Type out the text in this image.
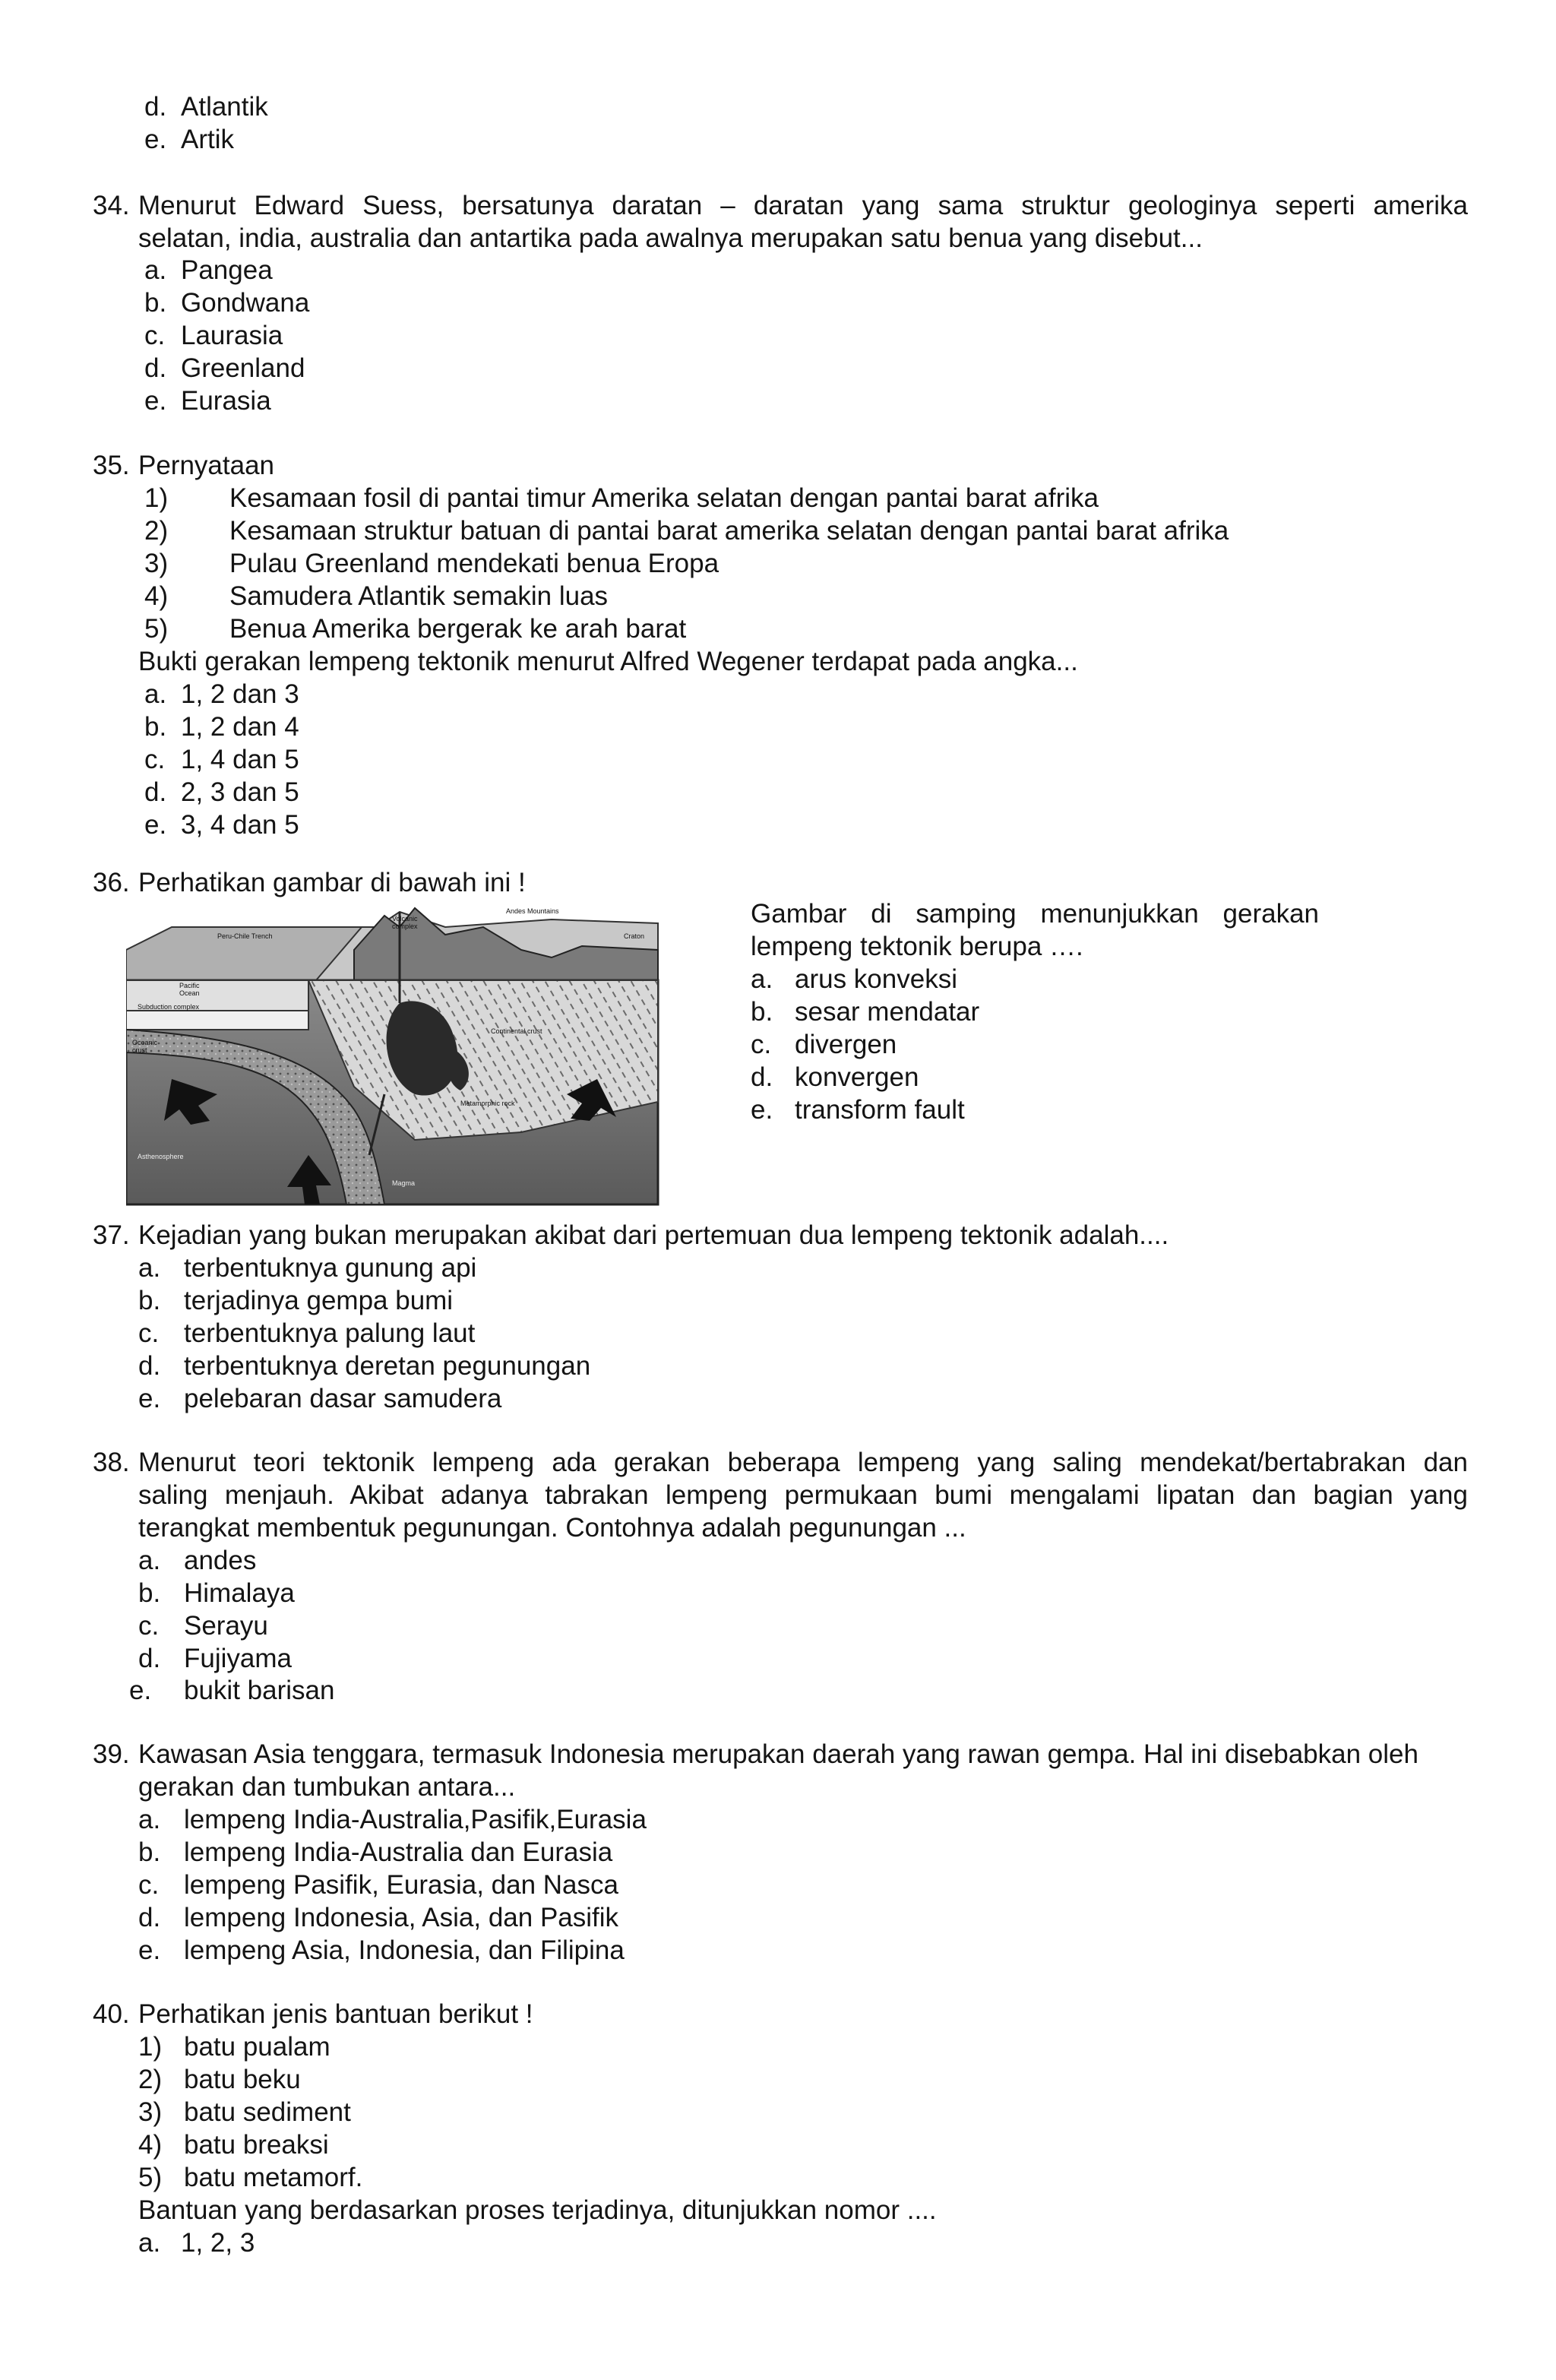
d. Atlantik
e. Artik
34. Menurut Edward Suess, bersatunya daratan – daratan yang sama struktur geologinya seperti amerika
selatan, india, australia dan antartika pada awalnya merupakan satu benua yang disebut...
a. Pangea
b. Gondwana
c. Laurasia
d. Greenland
e. Eurasia
35. Pernyataan
1) Kesamaan fosil di pantai timur Amerika selatan dengan pantai barat afrika
2) Kesamaan struktur batuan di pantai barat amerika selatan dengan pantai barat afrika
3) Pulau Greenland mendekati benua Eropa
4) Samudera Atlantik semakin luas
5) Benua Amerika bergerak ke arah barat
Bukti gerakan lempeng tektonik menurut Alfred Wegener terdapat pada angka...
a. 1, 2 dan 3
b. 1, 2 dan 4
c. 1, 4 dan 5
d. 2, 3 dan 5
e. 3, 4 dan 5
36. Perhatikan gambar di bawah ini !
Peru-Chile Trench
Volcanic
complex
Andes Mountains
Craton
Pacific
Ocean
Subduction complex
Oceanic
crust
Continental crust
Metamorphic rock
Asthenosphere
Magma
Gambar di samping menunjukkan gerakan
lempeng tektonik berupa ….
a. arus konveksi
b. sesar mendatar
c. divergen
d. konvergen
e. transform fault
37. Kejadian yang bukan merupakan akibat dari pertemuan dua lempeng tektonik adalah....
a. terbentuknya gunung api
b. terjadinya gempa bumi
c. terbentuknya palung laut
d. terbentuknya deretan pegunungan
e. pelebaran dasar samudera
38. Menurut teori tektonik lempeng ada gerakan beberapa lempeng yang saling mendekat/bertabrakan dan
saling menjauh. Akibat adanya tabrakan lempeng permukaan bumi mengalami lipatan dan bagian yang
terangkat membentuk pegunungan. Contohnya adalah pegunungan ...
a. andes
b. Himalaya
c. Serayu
d. Fujiyama
e. bukit barisan
39. Kawasan Asia tenggara, termasuk Indonesia merupakan daerah yang rawan gempa. Hal ini disebabkan oleh
gerakan dan tumbukan antara...
a. lempeng India-Australia,Pasifik,Eurasia
b. lempeng India-Australia dan Eurasia
c. lempeng Pasifik, Eurasia, dan Nasca
d. lempeng Indonesia, Asia, dan Pasifik
e. lempeng Asia, Indonesia, dan Filipina
40. Perhatikan jenis bantuan berikut !
1) batu pualam
2) batu beku
3) batu sediment
4) batu breaksi
5) batu metamorf.
Bantuan yang berdasarkan proses terjadinya, ditunjukkan nomor ....
a. 1, 2, 3
